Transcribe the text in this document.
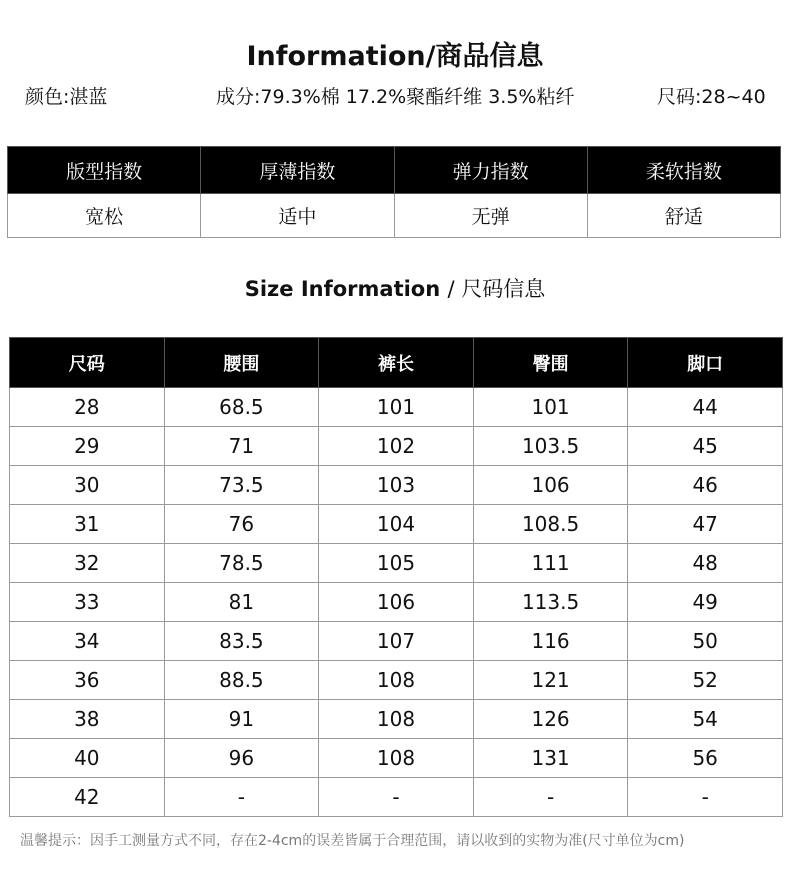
Information/商品信息
颜色:湛蓝	成分:79.3%棉 17.2%聚酯纤维 3.5%粘纤	尺码:28~40
版型指数	厚薄指数	弹力指数	柔软指数
宽松	适中	无弹	舒适
Size Information / 尺码信息
尺码	腰围	裤长	臀围	脚口
28	68.5	101	101	44
29	71	102	103.5	45
30	73.5	103	106	46
31	76	104	108.5	47
32	78.5	105	111	48
33	81	106	113.5	49
34	83.5	107	116	50
36	88.5	108	121	52
38	91	108	126	54
40	96	108	131	56
42	-	-	-	-
温馨提示：因手工测量方式不同，存在2-4cm的误差皆属于合理范围，请以收到的实物为准(尺寸单位为cm)
